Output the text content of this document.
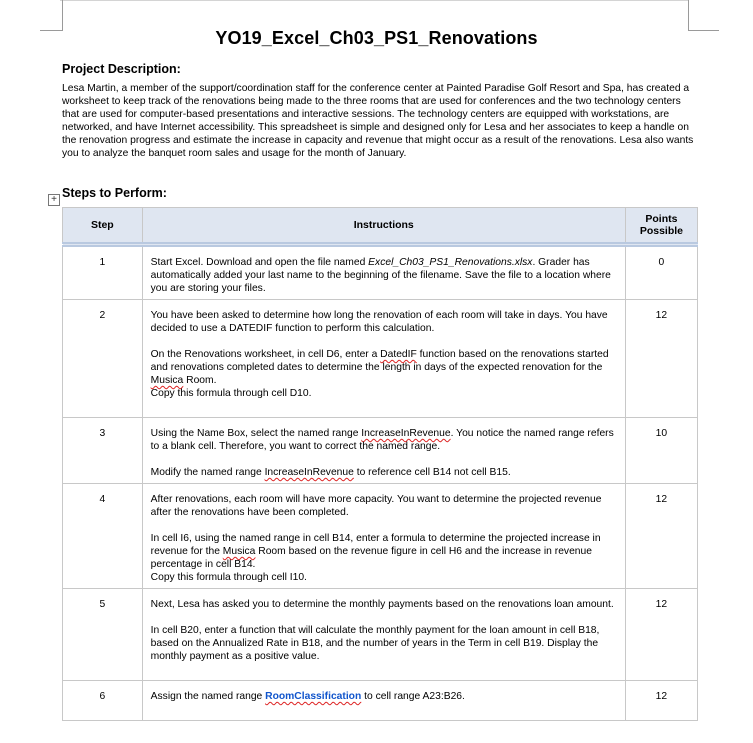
YO19_Excel_Ch03_PS1_Renovations
Project Description:
Lesa Martin, a member of the support/coordination staff for the conference center at Painted Paradise Golf Resort and Spa, has created a worksheet to keep track of the renovations being made to the three rooms that are used for conferences and the two technology centers that are used for computer-based presentations and interactive sessions. The technology centers are equipped with workstations, are networked, and have Internet accessibility. This spreadsheet is simple and designed only for Lesa and her associates to keep a handle on the renovation progress and estimate the increase in capacity and revenue that might occur as a result of the renovations. Lesa also wants you to analyze the banquet room sales and usage for the month of January.
+ Steps to Perform:
Step	Instructions	Points Possible
1	Start Excel. Download and open the file named Excel_Ch03_PS1_Renovations.xlsx. Grader has automatically added your last name to the beginning of the filename. Save the file to a location where you are storing your files.	0
2	You have been asked to determine how long the renovation of each room will take in days. You have decided to use a DATEDIF function to perform this calculation.

On the Renovations worksheet, in cell D6, enter a DatedIF function based on the renovations started and renovations completed dates to determine the length in days of the expected renovation for the Musica Room.
Copy this formula through cell D10.	12
3	Using the Name Box, select the named range IncreaseInRevenue. You notice the named range refers to a blank cell. Therefore, you want to correct the named range.

Modify the named range IncreaseInRevenue to reference cell B14 not cell B15.	10
4	After renovations, each room will have more capacity. You want to determine the projected revenue after the renovations have been completed.

In cell I6, using the named range in cell B14, enter a formula to determine the projected increase in revenue for the Musica Room based on the revenue figure in cell H6 and the increase in revenue percentage in cell B14.
Copy this formula through cell I10.	12
5	Next, Lesa has asked you to determine the monthly payments based on the renovations loan amount.

In cell B20, enter a function that will calculate the monthly payment for the loan amount in cell B18, based on the Annualized Rate in B18, and the number of years in the Term in cell B19. Display the monthly payment as a positive value.	12
6	Assign the named range RoomClassification to cell range A23:B26.	12
